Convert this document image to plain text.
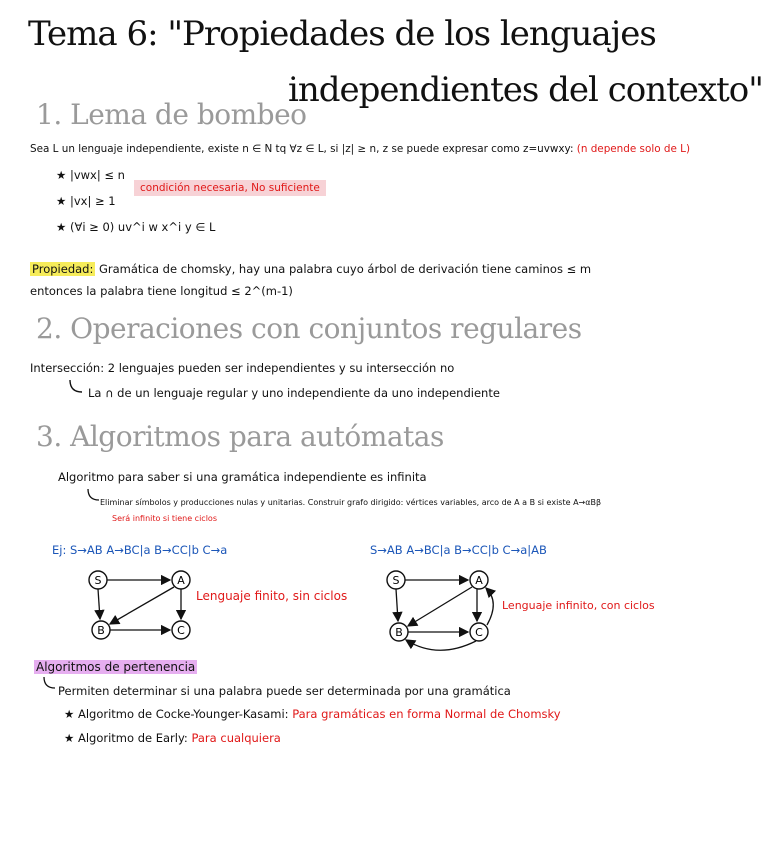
Tema 6: "Propiedades de los lenguajes
independientes del contexto"
1. Lema de bombeo
Sea L un lenguaje independiente, existe n ∈ N tq ∀z ∈ L, si |z| ≥ n, z se puede expresar como z=uvwxy: (n depende solo de L)
★ |vwx| ≤ n
★ |vx| ≥ 1
★ (∀i ≥ 0) uv^i w x^i y ∈ L
condición necesaria, No suficiente
Propiedad: Gramática de chomsky, hay una palabra cuyo árbol de derivación tiene caminos ≤ m
entonces la palabra tiene longitud ≤ 2^(m-1)
2. Operaciones con conjuntos regulares
Intersección: 2 lenguajes pueden ser independientes y su intersección no
La ∩ de un lenguaje regular y uno independiente da uno independiente
3. Algoritmos para autómatas
Algoritmo para saber si una gramática independiente es infinita
Eliminar símbolos y producciones nulas y unitarias. Construir grafo dirigido: vértices variables, arco de A a B si existe A→αBβ
Será infinito si tiene ciclos
Ej: S→AB A→BC|a B→CC|b C→a	S→AB A→BC|a B→CC|b C→a|AB
S	A
B	C
Lenguaje finito, sin ciclos
S	A
B	C
Lenguaje infinito, con ciclos
Algoritmos de pertenencia
Permiten determinar si una palabra puede ser determinada por una gramática
★ Algoritmo de Cocke-Younger-Kasami: Para gramáticas en forma Normal de Chomsky
★ Algoritmo de Early: Para cualquiera
